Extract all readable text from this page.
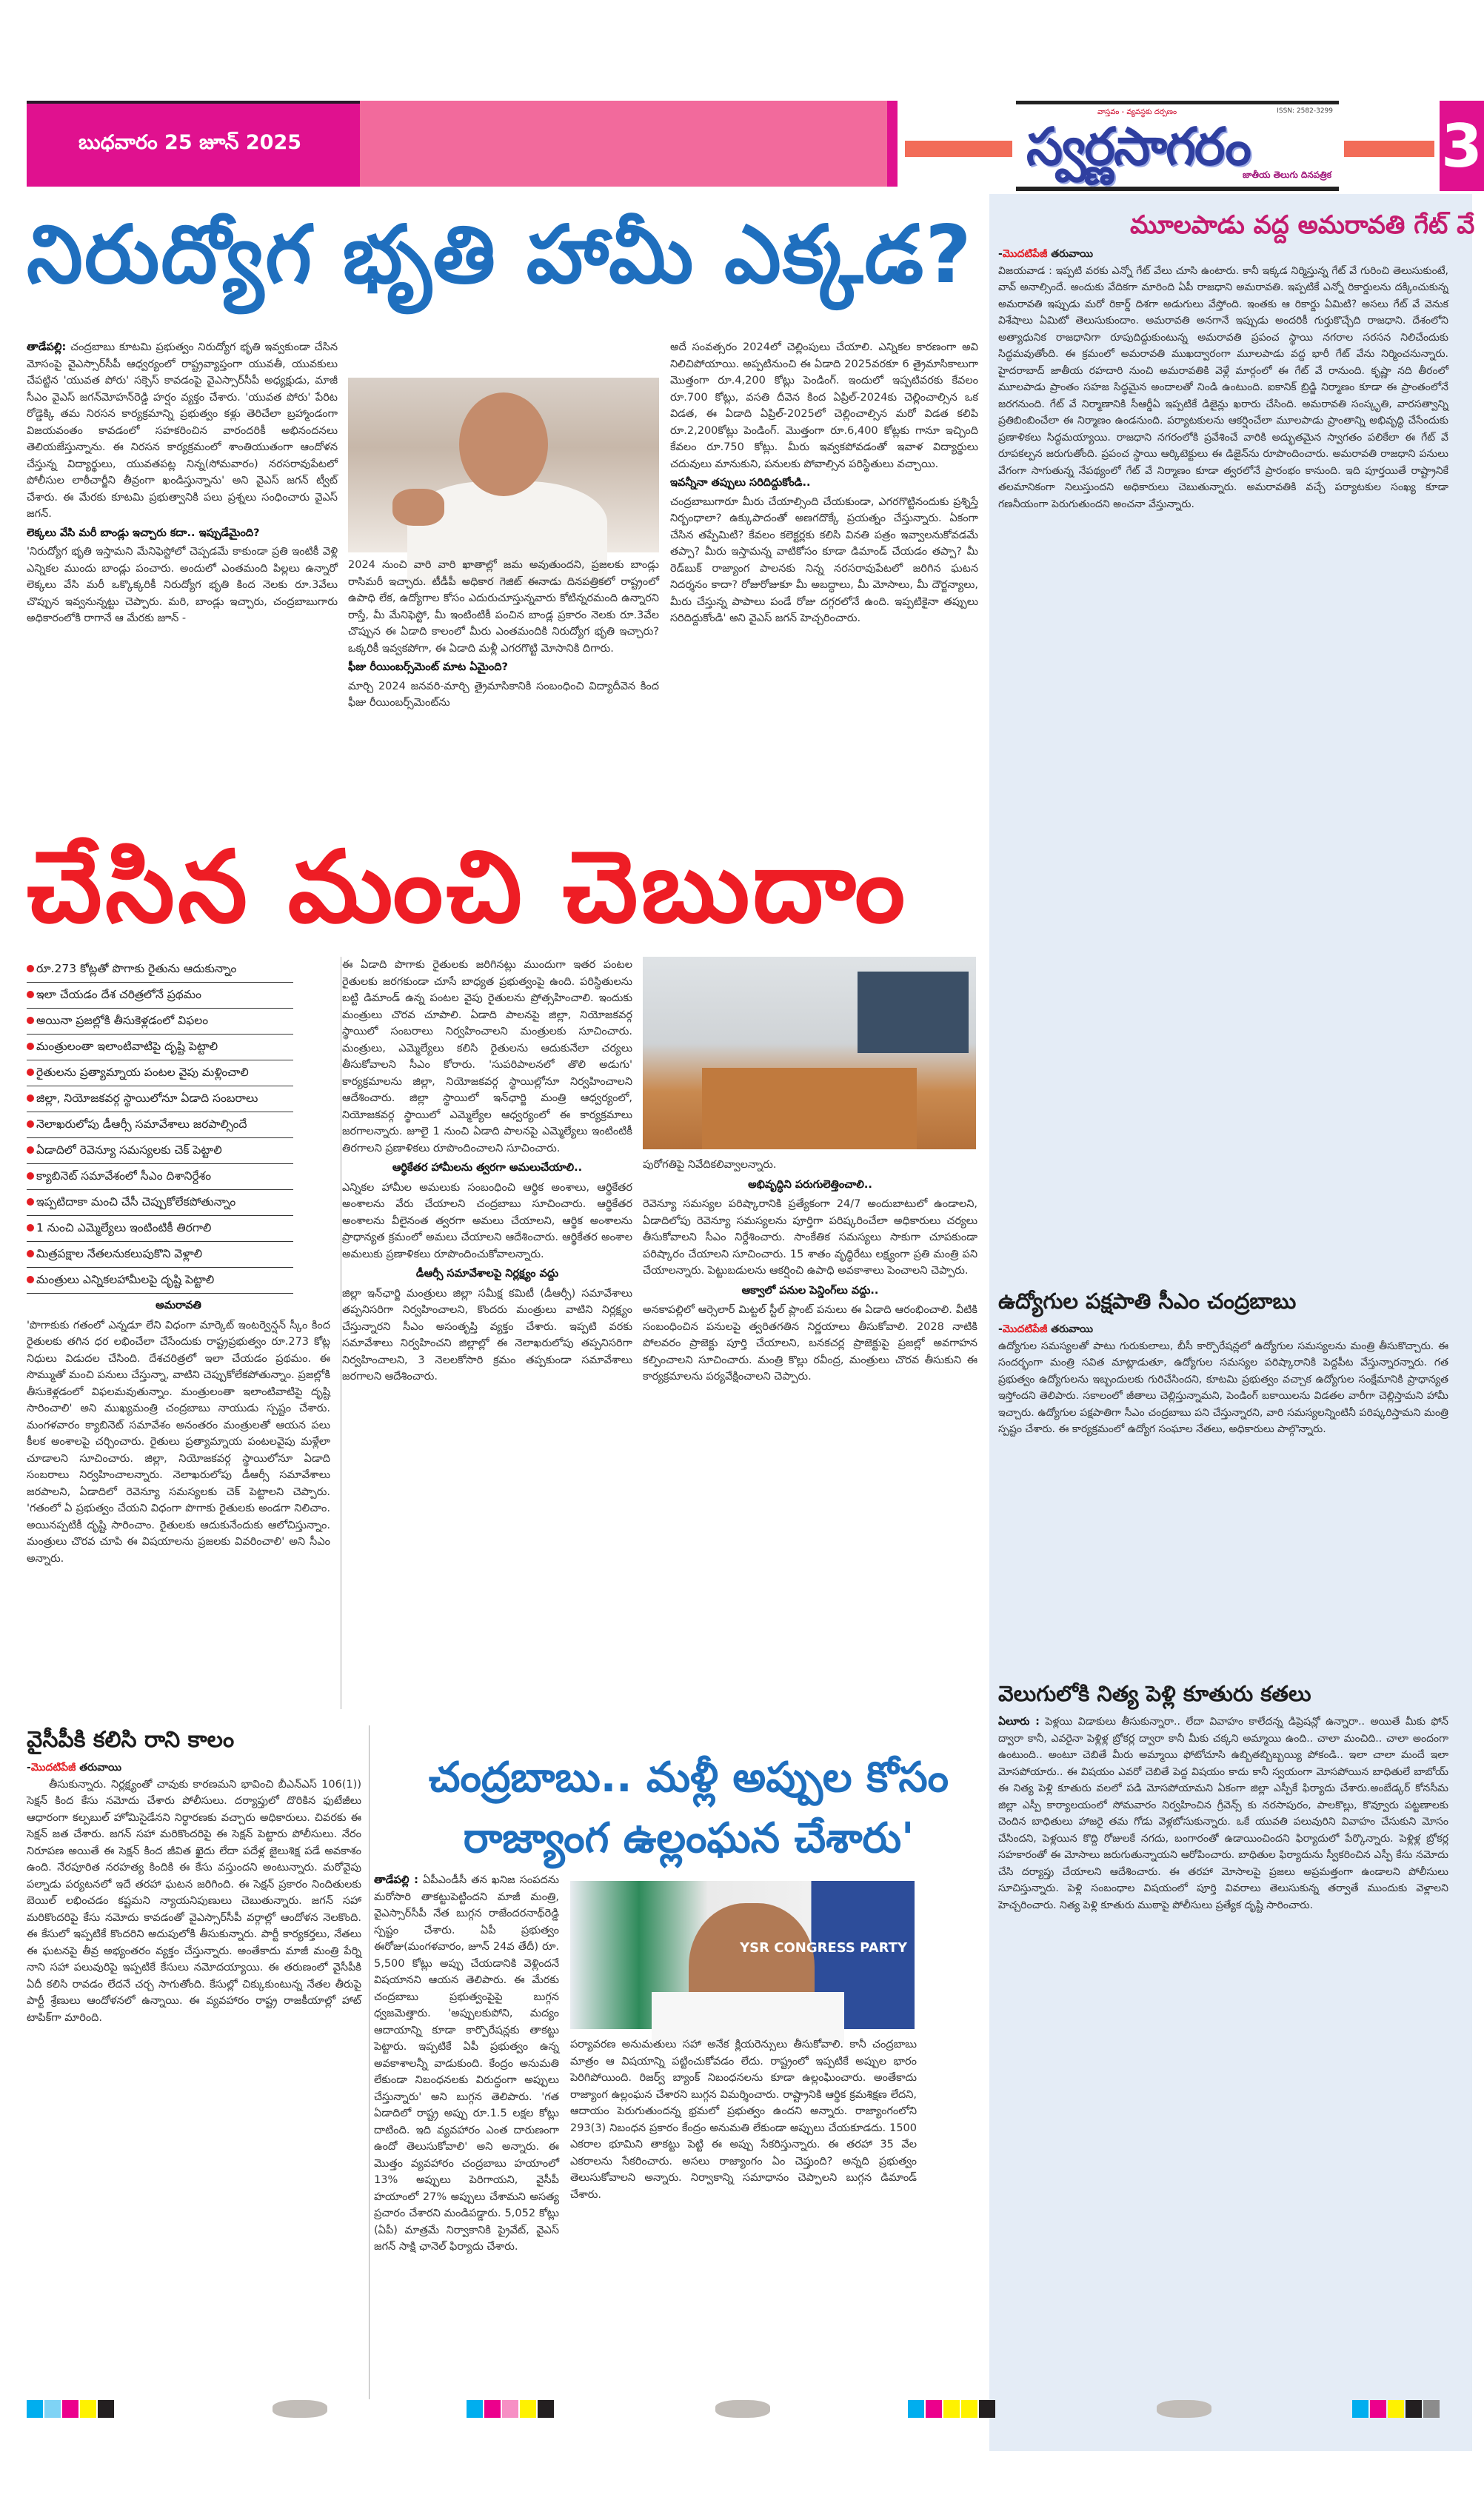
బుధవారం 25 జూన్ 2025
వాస్తవం - వ్యవస్థకు దర్పణం	ISSN: 2582-3299
స్వర్ణసాగరం
జాతీయ తెలుగు దినపత్రిక 3
మూలపాడు వద్ద అమరావతి గేట్ వే
-మొదటిపేజీ తరువాయి

విజయవాడ : ఇప్పటి వరకు ఎన్నో గేట్ వేలు చూసి ఉంటారు. కానీ ఇక్కడ నిర్మిస్తున్న గేట్ వే గురించి తెలుసుకుంటే, వావ్ అనాల్సిందే. అందుకు వేదికగా మారింది ఏపీ రాజధాని అమరావతి. ఇప్పటికే ఎన్నో రికార్డులను దక్కించుకున్న అమరావతి ఇప్పుడు మరో రికార్డ్ దిశగా అడుగులు వేస్తోంది. ఇంతకు ఆ రికార్డు ఏమిటి? అసలు గేట్ వే వెనుక విశేషాలు ఏమిటో తెలుసుకుందాం. అమరావతి అనగానే ఇప్పుడు అందరికీ గుర్తుకొచ్చేది రాజధాని. దేశంలోని అత్యాధునిక రాజధానిగా రూపుదిద్దుకుంటున్న అమరావతి ప్రపంచ స్థాయి నగరాల సరసన నిలిచేందుకు సిద్ధమవుతోంది. ఈ క్రమంలో అమరావతి ముఖద్వారంగా మూలపాడు వద్ద భారీ గేట్ వేను నిర్మించనున్నారు. హైదరాబాద్ జాతీయ రహదారి నుంచి అమరావతికి వెళ్లే మార్గంలో ఈ గేట్ వే రానుంది. కృష్ణా నది తీరంలో మూలపాడు ప్రాంతం సహజ సిద్ధమైన అందాలతో నిండి ఉంటుంది. ఐకానిక్ బ్రిడ్జి నిర్మాణం కూడా ఈ ప్రాంతంలోనే జరగనుంది. గేట్ వే నిర్మాణానికి సీఆర్డీఏ ఇప్పటికే డిజైన్లు ఖరారు చేసింది. అమరావతి సంస్కృతి, వారసత్వాన్ని ప్రతిబింబించేలా ఈ నిర్మాణం ఉండనుంది. పర్యాటకులను ఆకర్షించేలా మూలపాడు ప్రాంతాన్ని అభివృద్ధి చేసేందుకు ప్రణాళికలు సిద్ధమయ్యాయి. రాజధాని నగరంలోకి ప్రవేశించే వారికి అద్భుతమైన స్వాగతం పలికేలా ఈ గేట్ వే రూపకల్పన జరుగుతోంది. ప్రపంచ స్థాయి ఆర్కిటెక్టులు ఈ డిజైన్‌ను రూపొందించారు. అమరావతి రాజధాని పనులు వేగంగా సాగుతున్న నేపథ్యంలో గేట్ వే నిర్మాణం కూడా త్వరలోనే ప్రారంభం కానుంది. ఇది పూర్తయితే రాష్ట్రానికే తలమానికంగా నిలుస్తుందని అధికారులు చెబుతున్నారు. అమరావతికి వచ్చే పర్యాటకుల సంఖ్య కూడా గణనీయంగా పెరుగుతుందని అంచనా వేస్తున్నారు.

ఉద్యోగుల పక్షపాతి సీఎం చంద్రబాబు
-మొదటిపేజీ తరువాయి

ఉద్యోగుల సమస్యలతో పాటు గురుకులాలు, బీసీ కార్పొరేషన్లలో ఉద్యోగుల సమస్యలను మంత్రి తీసుకొచ్చారు. ఈ సందర్భంగా మంత్రి సవిత మాట్లాడుతూ, ఉద్యోగుల సమస్యల పరిష్కారానికి పెద్దపీట వేస్తున్నారన్నారు. గత ప్రభుత్వం ఉద్యోగులను ఇబ్బందులకు గురిచేసిందని, కూటమి ప్రభుత్వం వచ్చాక ఉద్యోగుల సంక్షేమానికి ప్రాధాన్యత ఇస్తోందని తెలిపారు. సకాలంలో జీతాలు చెల్లిస్తున్నామని, పెండింగ్ బకాయిలను విడతల వారీగా చెల్లిస్తామని హామీ ఇచ్చారు. ఉద్యోగుల పక్షపాతిగా సీఎం చంద్రబాబు పని చేస్తున్నారని, వారి సమస్యలన్నింటినీ పరిష్కరిస్తామని మంత్రి స్పష్టం చేశారు. ఈ కార్యక్రమంలో ఉద్యోగ సంఘాల నేతలు, అధికారులు పాల్గొన్నారు.

వెలుగులోకి నిత్య పెళ్లి కూతురు కతలు

ఏలూరు : పెళ్లయి విడాకులు తీసుకున్నారా.. లేదా వివాహం కాలేదన్న డిప్రెషన్లో ఉన్నారా.. అయితే మీకు ఫోన్ ద్వారా కానీ, ఎవరైనా పెళ్లిళ్ల బ్రోకర్ల ద్వారా కానీ మీకు చక్కని అమ్మాయి ఉంది.. చాలా మంచిది.. చాలా అందంగా ఉంటుంది.. అంటూ చెబితే మీరు అమ్మాయి ఫోటోచూసి ఉబ్బితబ్బిబ్బయ్యి పోకండి.. ఇలా చాలా మందే ఇలా మోసపోయారు.. ఈ విషయం ఎవరో చెబితే పెద్ద విషయం కాదు కానీ స్వయంగా మోసపోయిన బాధితులే బాబోయ్ ఈ నిత్య పెళ్లి కూతురు వలలో పడి మోసపోయామని ఏకంగా జిల్లా ఎస్పీకే ఫిర్యాదు చేశారు.అంబేడ్కర్ కోనసీమ జిల్లా ఎస్పీ కార్యాలయంలో సోమవారం నిర్వహించిన గ్రీవెన్స్ కు నరసాపురం, పాలకొల్లు, కొవ్వూరు పట్టణాలకు చెందిన బాధితులు హాజరై తమ గోడు వెళ్లబోసుకున్నారు. ఒకే యువతి పలువురిని వివాహం చేసుకుని మోసం చేసిందని, పెళ్లయిన కొద్ది రోజులకే నగదు, బంగారంతో ఉడాయించిందని ఫిర్యాదులో పేర్కొన్నారు. పెళ్లిళ్ల బ్రోకర్ల సహకారంతో ఈ మోసాలు జరుగుతున్నాయని ఆరోపించారు. బాధితుల ఫిర్యాదును స్వీకరించిన ఎస్పీ కేసు నమోదు చేసి దర్యాప్తు చేయాలని ఆదేశించారు. ఈ తరహా మోసాలపై ప్రజలు అప్రమత్తంగా ఉండాలని పోలీసులు సూచిస్తున్నారు. పెళ్లి సంబంధాల విషయంలో పూర్తి వివరాలు తెలుసుకున్న తర్వాతే ముందుకు వెళ్లాలని హెచ్చరించారు. నిత్య పెళ్లి కూతురు ముఠాపై పోలీసులు ప్రత్యేక దృష్టి సారించారు.

నిరుద్యోగ భృతి హామీ ఎక్కడ?

తాడేపల్లి: చంద్రబాబు కూటమి ప్రభుత్వం నిరుద్యోగ భృతి ఇవ్వకుండా చేసిన మోసంపై వైఎస్సార్‌సీపీ ఆధ్వర్యంలో రాష్ట్రవ్యాప్తంగా యువతీ, యువకులు చేపట్టిన 'యువత పోరు' సక్సెస్ కావడంపై వైఎస్సార్‌సీపీ అధ్యక్షుడు, మాజీ సీఎం వైఎస్ జగన్‌మోహన్‌రెడ్డి హర్షం వ్యక్తం చేశారు. 'యువత పోరు' పేరిట రోడ్డెక్కి తమ నిరసన కార్యక్రమాన్ని ప్రభుత్వం కళ్లు తెరిచేలా బ్రహ్మాండంగా విజయవంతం కావడంలో సహకరించిన వారందరికీ అభినందనలు తెలియజేస్తున్నాను. ఈ నిరసన కార్యక్రమంలో శాంతియుతంగా ఆందోళన చేస్తున్న విద్యార్థులు, యువతపట్ల నిన్న(సోమవారం) నరసరావుపేటలో పోలీసుల లాఠీచార్జీని తీవ్రంగా ఖండిస్తున్నాను' అని వైఎస్ జగన్ ట్వీట్ చేశారు. ఈ మేరకు కూటమి ప్రభుత్వానికి పలు ప్రశ్నలు సంధించారు వైఎస్ జగన్.

లెక్కలు వేసి మరీ బాండ్లు ఇచ్చారు కదా.. ఇప్పుడేమైంది?

'నిరుద్యోగ భృతి ఇస్తామని మేనిఫెస్టోలో చెప్పడమే కాకుండా ప్రతి ఇంటికీ వెళ్లి ఎన్నికల ముందు బాండ్లు పంచారు. అందులో ఎంతమంది పిల్లలు ఉన్నారో లెక్కలు వేసి మరీ ఒక్కొక్కరికీ నిరుద్యోగ భృతి కింద నెలకు రూ.3వేలు చొప్పున ఇవ్వనున్నట్టు చెప్పారు. మరి, బాండ్లు ఇచ్చారు, చంద్రబాబుగారు అధికారంలోకి రాగానే ఆ మేరకు జూన్ -

2024 నుంచి వారి వారి ఖాతాల్లో జమ అవుతుందని, ప్రజలకు బాండ్లు రాసిమరీ ఇచ్చారు. టీడీపీ అధికార గెజిట్ ఈనాడు దినపత్రికలో రాష్ట్రంలో ఉపాధి లేక, ఉద్యోగాల కోసం ఎదురుచూస్తున్నవారు కోటిన్నరమంది ఉన్నారని రాస్తే, మీ మేనిఫెస్టో, మీ ఇంటింటికీ పంచిన బాండ్ల ప్రకారం నెలకు రూ.3వేల చొప్పున ఈ ఏడాది కాలంలో మీరు ఎంతమందికి నిరుద్యోగ భృతి ఇచ్చారు? ఒక్కరికీ ఇవ్వకపోగా, ఈ ఏడాది మళ్లీ ఎగరగొట్టి మోసానికి దిగారు.

ఫీజు రీయింబర్స్‌మెంట్ మాట ఏమైంది?

మార్చి 2024 జనవరి-మార్చి త్రైమాసికానికి సంబంధించి విద్యాదీవెన కింద ఫీజు రీయింబర్స్‌మెంట్‌ను

అదే సంవత్సరం 2024లో చెల్లింపులు చేయాలి. ఎన్నికల కారణంగా అవి నిలిచిపోయాయి. అప్పటినుంచి ఈ ఏడాది 2025వరకూ 6 త్రైమాసికాలుగా మొత్తంగా రూ.4,200 కోట్లు పెండింగ్. ఇందులో ఇప్పటివరకు కేవలం రూ.700 కోట్లు, వసతి దీవెన కింద ఏప్రిల్-2024కు చెల్లించాల్సిన ఒక విడత, ఈ ఏడాది ఏప్రిల్-2025లో చెల్లించాల్సిన మరో విడత కలిపి రూ.2,200కోట్లు పెండింగ్. మొత్తంగా రూ.6,400 కోట్లకు గానూ ఇచ్చింది కేవలం రూ.750 కోట్లు. మీరు ఇవ్వకపోవడంతో ఇవాళ విద్యార్థులు చదువులు మానుకుని, పనులకు పోవాల్సిన పరిస్థితులు వచ్చాయి.

ఇవన్నీనా తప్పులు సరిదిద్దుకోండి..

చంద్రబాబుగారూ మీరు చేయాల్సింది చేయకుండా, ఎగరగొట్టినందుకు ప్రశ్నిస్తే నిర్బంధాలా? ఉక్కుపాదంతో అణగదొక్కే ప్రయత్నం చేస్తున్నారు. ఏకంగా చేసిన తప్పేమిటి? కేవలం కలెక్టర్లకు కలిసి వినతి పత్రం ఇవ్వాలనుకోవడమే తప్పా? మీరు ఇస్తామన్న వాటికోసం కూడా డిమాండ్ చేయడం తప్పా? మీ రెడ్‌బుక్ రాజ్యాంగ పాలనకు నిన్న నరసరావుపేటలో జరిగిన ఘటన నిదర్శనం కాదా? రోజురోజుకూ మీ అబద్ధాలు, మీ మోసాలు, మీ దౌర్జన్యాలు, మీరు చేస్తున్న పాపాలు పండే రోజు దగ్గరలోనే ఉంది. ఇప్పటికైనా తప్పులు సరిదిద్దుకోండి' అని వైఎస్ జగన్ హెచ్చరించారు.

చేసిన మంచి చెబుదాం
రూ.273 కోట్లతో పొగాకు రైతును ఆదుకున్నాం
ఇలా చేయడం దేశ చరిత్రలోనే ప్రథమం
అయినా ప్రజల్లోకి తీసుకెళ్లడంలో విఫలం
మంత్రులంతా ఇలాంటివాటిపై దృష్టి పెట్టాలి
రైతులను ప్రత్యామ్నాయ పంటల వైపు మళ్లించాలి
జిల్లా, నియోజకవర్గ స్థాయిలోనూ ఏడాది సంబరాలు
నెలాఖరులోపు డీఆర్సీ సమావేశాలు జరపాల్సిందే
ఏడాదిలో రెవెన్యూ సమస్యలకు చెక్ పెట్టాలి
క్యాబినెట్ సమావేశంలో సీఎం దిశానిర్దేశం
ఇప్పటిదాకా మంచి చేసీ చెప్పుకోలేకపోతున్నాం
1 నుంచి ఎమ్మెల్యేలు ఇంటింటికీ తిరగాలి
మిత్రపక్షాల నేతలనుకలుపుకొని వెళ్లాలి
మంత్రులు ఎన్నికలహామీలపై దృష్టి పెట్టాలి

అమరావతి

'పొగాకుకు గతంలో ఎన్నడూ లేని విధంగా మార్కెట్ ఇంటర్వెన్షన్ స్కీం కింద రైతులకు తగిన ధర లభించేలా చేసేందుకు రాష్ట్రప్రభుత్వం రూ.273 కోట్ల నిధులు విడుదల చేసింది. దేశచరిత్రలో ఇలా చేయడం ప్రథమం. ఈ సొమ్ముతో మంచి పనులు చేస్తున్నా, వాటిని చెప్పుకోలేకపోతున్నాం. ప్రజల్లోకి తీసుకెళ్లడంలో విఫలమవుతున్నాం. మంత్రులంతా ఇలాంటివాటిపై దృష్టి సారించాలి' అని ముఖ్యమంత్రి చంద్రబాబు నాయుడు స్పష్టం చేశారు. మంగళవారం క్యాబినెట్ సమావేశం అనంతరం మంత్రులతో ఆయన పలు కీలక అంశాలపై చర్చించారు. రైతులు ప్రత్యామ్నాయ పంటలవైపు మళ్లేలా చూడాలని సూచించారు. జిల్లా, నియోజకవర్గ స్థాయిలోనూ ఏడాది సంబరాలు నిర్వహించాలన్నారు. నెలాఖరులోపు డీఆర్సీ సమావేశాలు జరపాలని, ఏడాదిలో రెవెన్యూ సమస్యలకు చెక్ పెట్టాలని చెప్పారు. 'గతంలో ఏ ప్రభుత్వం చేయని విధంగా పొగాకు రైతులకు అండగా నిలిచాం. అయినప్పటికీ దృష్టి సారించాం. రైతులకు ఆదుకునేందుకు ఆలోచిస్తున్నాం. మంత్రులు చొరవ చూపి ఈ విషయాలను ప్రజలకు వివరించాలి' అని సీఎం అన్నారు.

ఈ ఏడాది పొగాకు రైతులకు జరిగినట్లు ముందుగా ఇతర పంటల రైతులకు జరగకుండా చూసే బాధ్యత ప్రభుత్వంపై ఉంది. పరిస్థితులను బట్టి డిమాండ్ ఉన్న పంటల వైపు రైతులను ప్రోత్సహించాలి. ఇందుకు మంత్రులు చొరవ చూపాలి. ఏడాది పాలనపై జిల్లా, నియోజకవర్గ స్థాయిలో సంబరాలు నిర్వహించాలని మంత్రులకు సూచించారు. మంత్రులు, ఎమ్మెల్యేలు కలిసి రైతులను ఆదుకునేలా చర్యలు తీసుకోవాలని సీఎం కోరారు. 'సుపరిపాలనలో తొలి అడుగు' కార్యక్రమాలను జిల్లా, నియోజకవర్గ స్థాయిల్లోనూ నిర్వహించాలని ఆదేశించారు. జిల్లా స్థాయిలో ఇన్‌ఛార్జి మంత్రి ఆధ్వర్యంలో, నియోజకవర్గ స్థాయిలో ఎమ్మెల్యేల ఆధ్వర్యంలో ఈ కార్యక్రమాలు జరగాలన్నారు. జూలై 1 నుంచి ఏడాది పాలనపై ఎమ్మెల్యేలు ఇంటింటికీ తిరగాలని ప్రణాళికలు రూపొందించాలని సూచించారు.

ఆర్థికేతర హామీలను త్వరగా అమలుచేయాలి..

ఎన్నికల హామీల అమలుకు సంబంధించి ఆర్థిక అంశాలు, ఆర్థికేతర అంశాలను వేరు చేయాలని చంద్రబాబు సూచించారు. ఆర్థికేతర అంశాలను వీలైనంత త్వరగా అమలు చేయాలని, ఆర్థిక అంశాలను ప్రాధాన్యత క్రమంలో అమలు చేయాలని ఆదేశించారు. ఆర్థికేతర అంశాల అమలుకు ప్రణాళికలు రూపొందించుకోవాలన్నారు.

డీఆర్సీ సమావేశాలపై నిర్లక్ష్యం వద్దు

జిల్లా ఇన్‌ఛార్జి మంత్రులు జిల్లా సమీక్ష కమిటీ (డీఆర్సీ) సమావేశాలు తప్పనిసరిగా నిర్వహించాలని, కొందరు మంత్రులు వాటిని నిర్లక్ష్యం చేస్తున్నారని సీఎం అసంతృప్తి వ్యక్తం చేశారు. ఇప్పటి వరకు సమావేశాలు నిర్వహించని జిల్లాల్లో ఈ నెలాఖరులోపు తప్పనిసరిగా నిర్వహించాలని, 3 నెలలకోసారి క్రమం తప్పకుండా సమావేశాలు జరగాలని ఆదేశించారు.

పురోగతిపై నివేదికలివ్వాలన్నారు.

అభివృద్ధిని పరుగులెత్తించాలి..

రెవెన్యూ సమస్యల పరిష్కారానికి ప్రత్యేకంగా 24/7 అందుబాటులో ఉండాలని, ఏడాదిలోపు రెవెన్యూ సమస్యలను పూర్తిగా పరిష్కరించేలా అధికారులు చర్యలు తీసుకోవాలని సీఎం నిర్దేశించారు. సాంకేతిక సమస్యలు సాకుగా చూపకుండా పరిష్కారం చేయాలని సూచించారు. 15 శాతం వృద్ధిరేటు లక్ష్యంగా ప్రతి మంత్రి పని చేయాలన్నారు. పెట్టుబడులను ఆకర్షించి ఉపాధి అవకాశాలు పెంచాలని చెప్పారు.

ఆక్వాలో పనుల పెన్డింగ్‌లు వద్దు..

అనకాపల్లిలో ఆర్సెలార్ మిట్టల్ స్టీల్ ప్లాంట్ పనులు ఈ ఏడాది ఆరంభించాలి. వీటికి సంబంధించిన పనులపై త్వరితగతిన నిర్ణయాలు తీసుకోవాలి. 2028 నాటికి పోలవరం ప్రాజెక్టు పూర్తి చేయాలని, బనకచర్ల ప్రాజెక్టుపై ప్రజల్లో అవగాహన కల్పించాలని సూచించారు. మంత్రి కొల్లు రవీంద్ర, మంత్రులు చొరవ తీసుకుని ఈ కార్యక్రమాలను పర్యవేక్షించాలని చెప్పారు.

వైసీపీకి కలిసి రాని కాలం
-మొదటిపేజీ తరువాయి

తీసుకున్నారు. నిర్లక్ష్యంతో చావుకు కారణమని భావించి బీఎన్ఎస్ 106(1)) సెక్షన్ కింద కేసు నమోదు చేశారు పోలీసులు. దర్యాప్తులో దొరికిన ఫుటేజీలు ఆధారంగా కల్పబుల్ హోమిసైడేనని నిర్ధారణకు వచ్చారు అధికారులు. చివరకు ఈ సెక్షన్ జత చేశారు. జగన్ సహా మరికొందరిపై ఈ సెక్షన్ పెట్టారు పోలీసులు. నేరం నిరూపణ అయితే ఈ సెక్షన్ కింద జీవిత ఖైదు లేదా పదేళ్ల జైలుశిక్ష పడే అవకాశం ఉంది. నేరపూరిత నరహత్య కిందికి ఈ కేసు వస్తుందని అంటున్నారు. మరోవైపు పల్నాడు పర్యటనలో ఇదే తరహా ఘటన జరిగింది. ఈ సెక్షన్ ప్రకారం నిందితులకు బెయిల్ లభించడం కష్టమని న్యాయనిపుణులు చెబుతున్నారు. జగన్ సహా మరికొందరిపై కేసు నమోదు కావడంతో వైఎస్సార్‌సీపీ వర్గాల్లో ఆందోళన నెలకొంది. ఈ కేసులో ఇప్పటికే కొందరిని అదుపులోకి తీసుకున్నారు. పార్టీ కార్యకర్తలు, నేతలు ఈ ఘటనపై తీవ్ర అభ్యంతరం వ్యక్తం చేస్తున్నారు. అంతేకాదు మాజీ మంత్రి పేర్ని నాని సహా పలువురిపై ఇప్పటికే కేసులు నమోదయ్యాయి. ఈ తరుణంలో వైసీపీకి ఏదీ కలిసి రావడం లేదనే చర్చ సాగుతోంది. కేసుల్లో చిక్కుకుంటున్న నేతల తీరుపై పార్టీ శ్రేణులు ఆందోళనలో ఉన్నాయి. ఈ వ్యవహారం రాష్ట్ర రాజకీయాల్లో హాట్ టాపిక్‌గా మారింది.

చంద్రబాబు.. మళ్లీ అప్పుల కోసం
రాజ్యాంగ ఉల్లంఘన చేశారు'

తాడేపల్లి : ఏపీఎండీసీ తన ఖనిజ సంపదను మరోసారి తాకట్టుపెట్టిందని మాజీ మంత్రి, వైఎస్సార్‌సీపీ నేత బుగ్గన రాజేందరనాథ్‌రెడ్డి స్పష్టం చేశారు. ఏపీ ప్రభుత్వం ఈరోజు(మంగళవారం, జూన్ 24వ తేదీ) రూ. 5,500 కోట్లు అప్పు చేయడానికి వెళ్లిందనే విషయానని ఆయన తెలిపారు. ఈ మేరకు చంద్రబాబు ప్రభుత్వంపైపై బుగ్గన ధ్వజమెత్తారు. 'అప్పులకుపోని, మద్యం ఆదాయాన్ని కూడా కార్పొరేషన్లకు తాకట్టు పెట్టారు. ఇప్పటికే ఏపీ ప్రభుత్వం ఉన్న అవకాశాలన్నీ వాడుకుంది. కేంద్రం అనుమతి లేకుండా నిబంధనలకు విరుద్ధంగా అప్పులు చేస్తున్నారు' అని బుగ్గన తెలిపారు. 'గత ఏడాదిలో రాష్ట్ర అప్పు రూ.1.5 లక్షల కోట్లు దాటింది. ఇది వ్యవహారం ఎంత దారుణంగా ఉందో తెలుసుకోవాలి' అని అన్నారు. ఈ మొత్తం వ్యవహారం చంద్రబాబు హయాంలో 13% అప్పులు పెరిగాయని, వైసీపీ హయాంలో 27% అప్పులు చేశామని అసత్య ప్రచారం చేశారని మండిపడ్డారు. 5,052 కోట్లు (ఏపీ) మాత్రమే నిర్వాకానికి ప్రైవేట్, వైఎస్ జగన్ సాక్షి ఛానెల్ ఫిర్యాదు చేశారు.

YSR CONGRESS PARTY

పర్యావరణ అనుమతులు సహా అనేక క్లియరెన్సులు తీసుకోవాలి. కానీ చంద్రబాబు మాత్రం ఆ విషయాన్ని పట్టించుకోవడం లేదు. రాష్ట్రంలో ఇప్పటికే అప్పుల భారం పెరిగిపోయింది. రిజర్వ్ బ్యాంక్ నిబంధనలను కూడా ఉల్లంఘించారు. అంతేకాదు రాజ్యాంగ ఉల్లంఘన చేశారని బుగ్గన విమర్శించారు. రాష్ట్రానికి ఆర్థిక క్రమశిక్షణ లేదని, ఆదాయం పెరుగుతుందన్న భ్రమలో ప్రభుత్వం ఉందని అన్నారు. రాజ్యాంగంలోని 293(3) నిబంధన ప్రకారం కేంద్రం అనుమతి లేకుండా అప్పులు చేయకూడదు. 1500 ఎకరాల భూమిని తాకట్టు పెట్టి ఈ అప్పు సేకరిస్తున్నారు. ఈ తరహా 35 వేల ఎకరాలను సేకరించారు. అసలు రాజ్యాంగం ఏం చెప్తుంది? అన్నది ప్రభుత్వం తెలుసుకోవాలని అన్నారు. నిర్వాకాన్ని సమాధానం చెప్పాలని బుగ్గన డిమాండ్ చేశారు.
